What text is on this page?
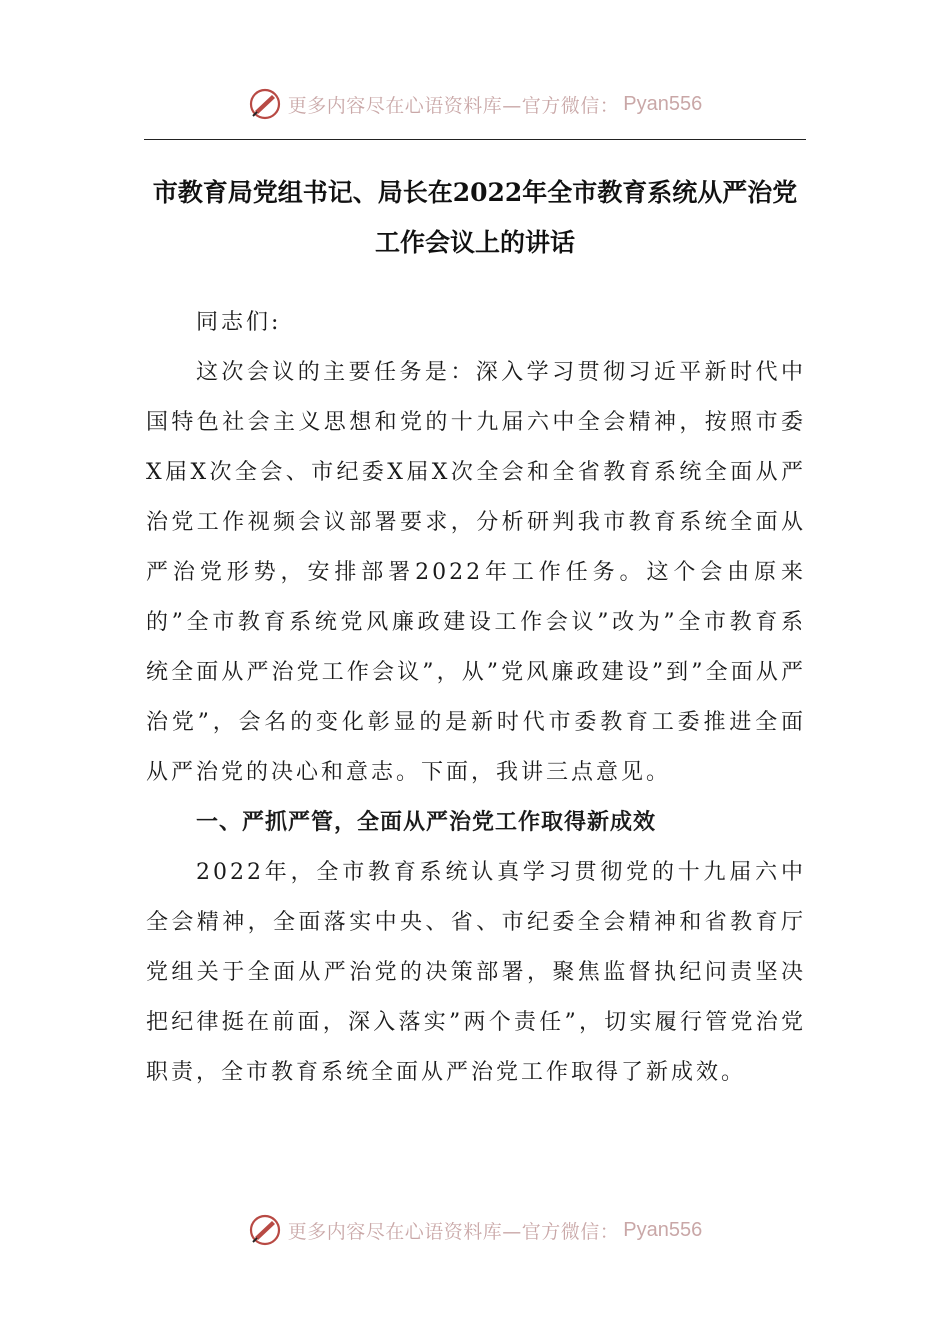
更多内容尽在心语资料库—官方微信： Pyan556
市教育局党组书记、局长在2022年全市教育系统从严治党
工作会议上的讲话

同志们:

这次会议的主要任务是：深入学习贯彻习近平新时代中国特色社会主义思想和党的十九届六中全会精神，按照市委X届X次全会、市纪委X届X次全会和全省教育系统全面从严治党工作视频会议部署要求，分析研判我市教育系统全面从严治党形势，安排部署2022年工作任务。这个会由原来的”全市教育系统党风廉政建设工作会议”改为”全市教育系统全面从严治党工作会议”，从”党风廉政建设”到”全面从严治党”，会名的变化彰显的是新时代市委教育工委推进全面从严治党的决心和意志。下面，我讲三点意见。

一、严抓严管，全面从严治党工作取得新成效

2022年，全市教育系统认真学习贯彻党的十九届六中全会精神，全面落实中央、省、市纪委全会精神和省教育厅党组关于全面从严治党的决策部署，聚焦监督执纪问责坚决把纪律挺在前面，深入落实”两个责任”，切实履行管党治党职责，全市教育系统全面从严治党工作取得了新成效。

更多内容尽在心语资料库—官方微信： Pyan556
